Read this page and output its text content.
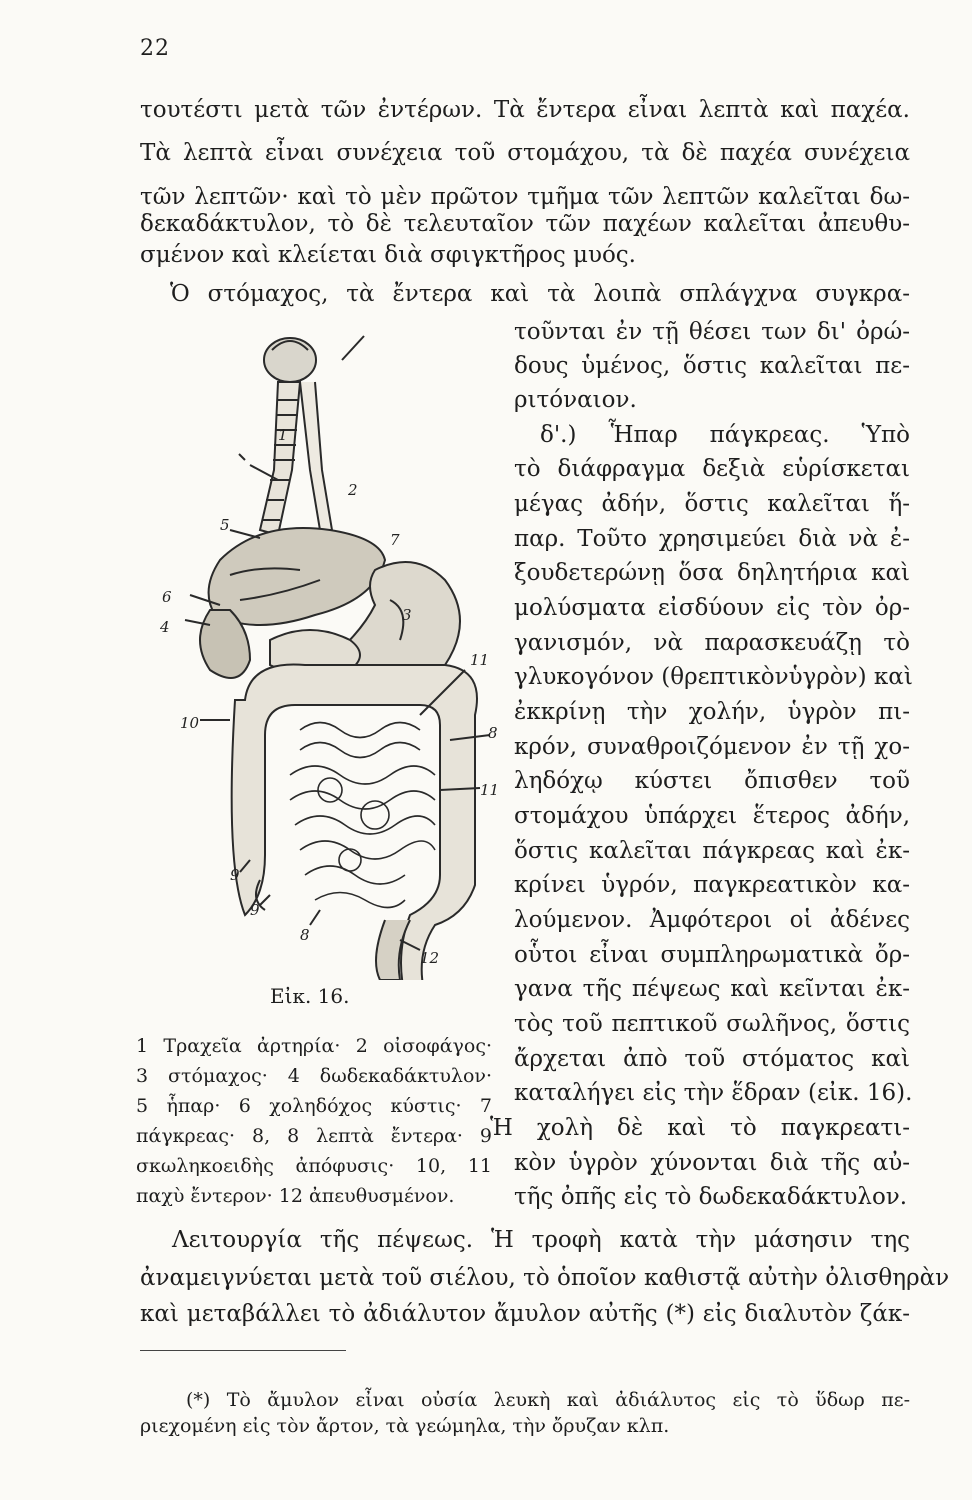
22
τουτέστι μετὰ τῶν ἐντέρων. Τὰ ἔντερα εἶναι λεπτὰ καὶ παχέα.
Τὰ λεπτὰ εἶναι συνέχεια τοῦ στομάχου, τὰ δὲ παχέα συνέχεια
τῶν λεπτῶν· καὶ τὸ μὲν πρῶτον τμῆμα τῶν λεπτῶν καλεῖται δω-
δεκαδάκτυλον, τὸ δὲ τελευταῖον τῶν παχέων καλεῖται ἀπευθυ-
σμένον καὶ κλείεται διὰ σφιγκτῆρος μυός.
Ὁ στόμαχος, τὰ ἔντερα καὶ τὰ λοιπὰ σπλάγχνα συγκρα-
τοῦνται ἐν τῇ θέσει των δι' ὀρώ-
δους ὑμένος, ὅστις καλεῖται πε-
ριτόναιον.
δ'.) Ἧπαρ πάγκρεας. Ὑπὸ
τὸ διάφραγμα δεξιὰ εὑρίσκεται
μέγας ἀδήν, ὅστις καλεῖται ἥ-
παρ. Τοῦτο χρησιμεύει διὰ νὰ ἐ-
ξουδετερώνῃ ὅσα δηλητήρια καὶ
μολύσματα εἰσδύουν εἰς τὸν ὀρ-
γανισμόν, νὰ παρασκευάζῃ τὸ
γλυκογόνον (θρεπτικὸνὑγρὸν) καὶ
ἐκκρίνῃ τὴν χολήν, ὑγρὸν πι-
κρόν, συναθροιζόμενον ἐν τῇ χο-
ληδόχῳ κύστει ὄπισθεν τοῦ
στομάχου ὑπάρχει ἕτερος ἀδήν,
ὅστις καλεῖται πάγκρεας καὶ ἐκ-
κρίνει ὑγρόν, παγκρεατικὸν κα-
λούμενον. Ἀμφότεροι οἱ ἀδένες
οὗτοι εἶναι συμπληρωματικὰ ὄρ-
γανα τῆς πέψεως καὶ κεῖνται ἐκ-
τὸς τοῦ πεπτικοῦ σωλῆνος, ὅστις
ἄρχεται ἀπὸ τοῦ στόματος καὶ
καταλήγει εἰς τὴν ἕδραν (εἰκ. 16).
Ἡ χολὴ δὲ καὶ τὸ παγκρεατι-
κὸν ὑγρὸν χύνονται διὰ τῆς αὐ-
τῆς ὀπῆς εἰς τὸ δωδεκαδάκτυλον.
1
2
5
7
3
6
4
11
10
8
11
9
9
8
12
Εἰκ. 16.
1 Τραχεῖα ἀρτηρία· 2 οἰσοφάγος·
3 στόμαχος· 4 δωδεκαδάκτυλον·
5 ἧπαρ· 6 χοληδόχος κύστις· 7
πάγκρεας· 8, 8 λεπτὰ ἔντερα· 9
σκωληκοειδὴς ἀπόφυσις· 10, 11
παχὺ ἔντερον· 12 ἀπευθυσμένον.
Λειτουργία τῆς πέψεως. Ἡ τροφὴ κατὰ τὴν μάσησιν της
ἀναμειγνύεται μετὰ τοῦ σιέλου, τὸ ὁποῖον καθιστᾷ αὐτὴν ὀλισθηρὰν
καὶ μεταβάλλει τὸ ἀδιάλυτον ἄμυλον αὐτῆς (*) εἰς διαλυτὸν ζάκ-
(*) Τὸ ἄμυλον εἶναι οὐσία λευκὴ καὶ ἀδιάλυτος εἰς τὸ ὕδωρ πε-
ριεχομένη εἰς τὸν ἄρτον, τὰ γεώμηλα, τὴν ὄρυζαν κλπ.
